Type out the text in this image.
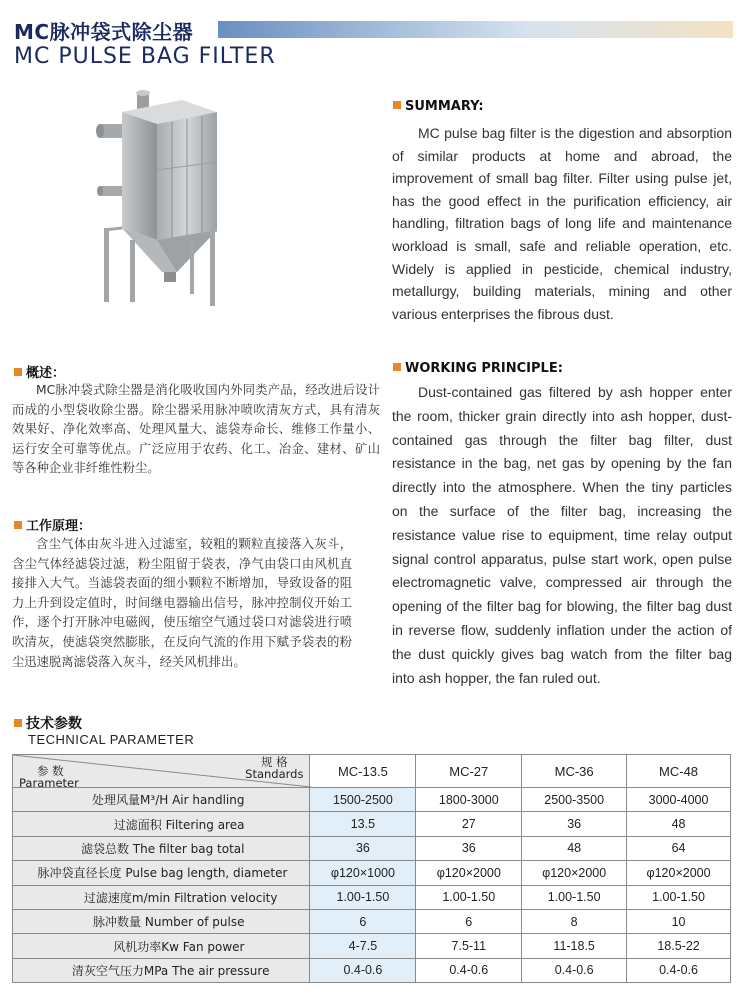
MC脉冲袋式除尘器
MC PULSE BAG FILTER
SUMMARY:
MC pulse bag filter is the digestion and absorption of similar products at home and abroad, the improvement of small bag filter. Filter using pulse jet, has the good effect in the purification efficiency, air handling, filtration bags of long life and maintenance workload is small, safe and reliable operation, etc. Widely is applied in pesticide, chemical industry, metallurgy, building materials, mining and other various enterprises the fibrous dust.
概述：
MC脉冲袋式除尘器是消化吸收国内外同类产品，经改进后设计而成的小型袋收除尘器。除尘器采用脉冲喷吹清灰方式，具有清灰效果好、净化效率高、处理风量大、滤袋寿命长、维修工作量小、运行安全可靠等优点。广泛应用于农药、化工、冶金、建材、矿山等各种企业非纤维性粉尘。
工作原理：
含尘气体由灰斗进入过滤室，较粗的颗粒直接落入灰斗，含尘气体经滤袋过滤，粉尘阻留于袋表，净气由袋口由风机直接排入大气。当滤袋表面的细小颗粒不断增加，导致设备的阻力上升到设定值时，时间继电器输出信号，脉冲控制仪开始工作，逐个打开脉冲电磁阀，使压缩空气通过袋口对滤袋进行喷吹清灰，使滤袋突然膨胀，在反向气流的作用下赋予袋表的粉尘迅速脱离滤袋落入灰斗，经关风机排出。
WORKING PRINCIPLE:
Dust-contained gas filtered by ash hopper enter the room, thicker grain directly into ash hopper, dust-contained gas through the filter bag filter, dust resistance in the bag, net gas by opening by the fan directly into the atmosphere. When the tiny particles on the surface of the filter bag, increasing the resistance value rise to equipment, time relay output signal control apparatus, pulse start work, open pulse electromagnetic valve, compressed air through the opening of the filter bag for blowing, the filter bag dust in reverse flow, suddenly inflation under the action of the dust quickly gives bag watch from the filter bag into ash hopper, the fan ruled out.
技术参数
TECHNICAL PARAMETER
规 格
Standards
参 数
Parameter	MC-13.5	MC-27	MC-36	MC-48
处理风量M³/H Air handling	1500-2500	1800-3000	2500-3500	3000-4000
过滤面积 Filtering area	13.5	27	36	48
滤袋总数 The filter bag total	36	36	48	64
脉冲袋直径长度 Pulse bag length, diameter	φ120×1000	φ120×2000	φ120×2000	φ120×2000
过滤速度m/min Filtration velocity	1.00-1.50	1.00-1.50	1.00-1.50	1.00-1.50
脉冲数量 Number of pulse	6	6	8	10
风机功率Kw Fan power	4-7.5	7.5-11	11-18.5	18.5-22
清灰空气压力MPa The air pressure	0.4-0.6	0.4-0.6	0.4-0.6	0.4-0.6
